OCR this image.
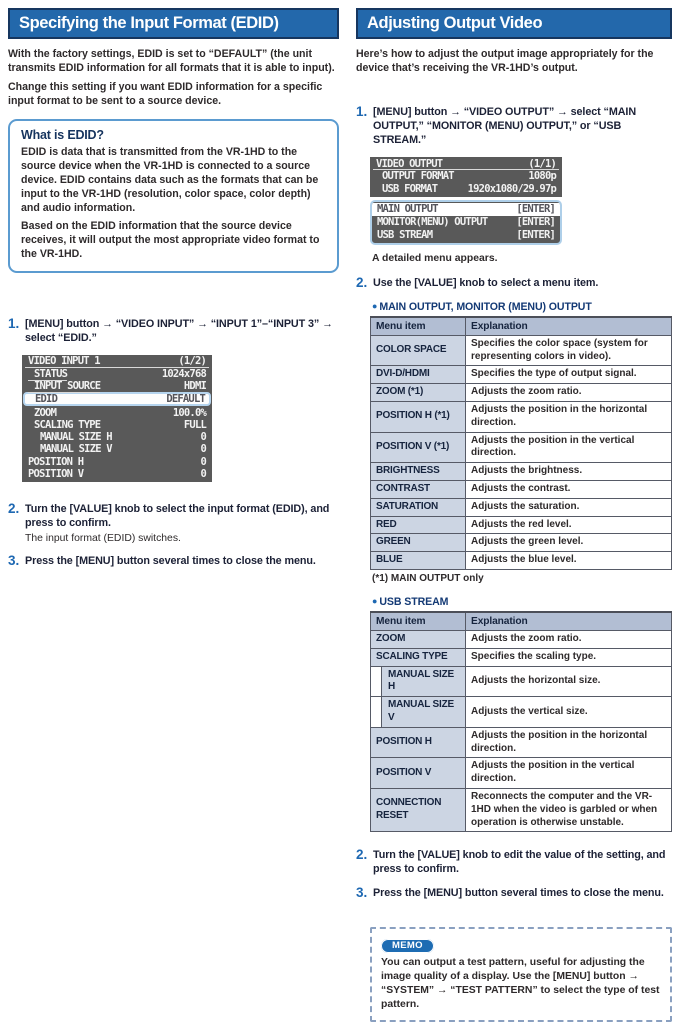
Specifying the Input Format (EDID)

With the factory settings, EDID is set to “DEFAULT” (the unit transmits EDID information for all formats that it is able to input).

Change this setting if you want EDID information for a specific input format to be sent to a source device.

What is EDID?

EDID is data that is transmitted from the VR-1HD to the source device when the VR-1HD is connected to a source device. EDID contains data such as the formats that can be input to the VR-1HD (resolution, color space, color depth) and audio information.

Based on the EDID information that the source device receives, it will output the most appropriate video format to the VR-1HD.

1. [MENU] button → “VIDEO INPUT” → “INPUT 1”–“INPUT 3” → select “EDID.”
VIDEO INPUT 1	(1/2)
STATUS	1024x768
INPUT SOURCE	HDMI
EDID	DEFAULT
ZOOM	100.0%
SCALING TYPE	FULL
MANUAL SIZE H	0
MANUAL SIZE V	0
POSITION H	0
POSITION V	0
2. Turn the [VALUE] knob to select the input format (EDID), and press to confirm.
The input format (EDID) switches.
3. Press the [MENU] button several times to close the menu.
Adjusting Output Video

Here’s how to adjust the output image appropriately for the device that’s receiving the VR-1HD’s output.

1. [MENU] button → “VIDEO OUTPUT” → select “MAIN OUTPUT,” “MONITOR (MENU) OUTPUT,” or “USB STREAM.”
VIDEO OUTPUT	(1/1)
OUTPUT FORMAT	1080p
USB FORMAT	1920x1080/29.97p
MAIN OUTPUT	[ENTER]
MONITOR(MENU) OUTPUT	[ENTER]
USB STREAM	[ENTER]

A detailed menu appears.

2. Use the [VALUE] knob to select a menu item.
● MAIN OUTPUT, MONITOR (MENU) OUTPUT
Menu item	Explanation
COLOR SPACE	Specifies the color space (system for representing colors in video).
DVI-D/HDMI	Specifies the type of output signal.
ZOOM (*1)	Adjusts the zoom ratio.
POSITION H (*1)	Adjusts the position in the horizontal direction.
POSITION V (*1)	Adjusts the position in the vertical direction.
BRIGHTNESS	Adjusts the brightness.
CONTRAST	Adjusts the contrast.
SATURATION	Adjusts the saturation.
RED	Adjusts the red level.
GREEN	Adjusts the green level.
BLUE	Adjusts the blue level.
(*1) MAIN OUTPUT only
● USB STREAM
Menu item	Explanation
ZOOM	Adjusts the zoom ratio.
SCALING TYPE	Specifies the scaling type.
MANUAL SIZE H	Adjusts the horizontal size.
MANUAL SIZE V	Adjusts the vertical size.
POSITION H	Adjusts the position in the horizontal direction.
POSITION V	Adjusts the position in the vertical direction.
CONNECTION RESET	Reconnects the computer and the VR-1HD when the video is garbled or when operation is otherwise unstable.
2. Turn the [VALUE] knob to edit the value of the setting, and press to confirm.
3. Press the [MENU] button several times to close the menu.
MEMO

You can output a test pattern, useful for adjusting the image quality of a display. Use the [MENU] button → “SYSTEM” → “TEST PATTERN” to select the type of test pattern.
